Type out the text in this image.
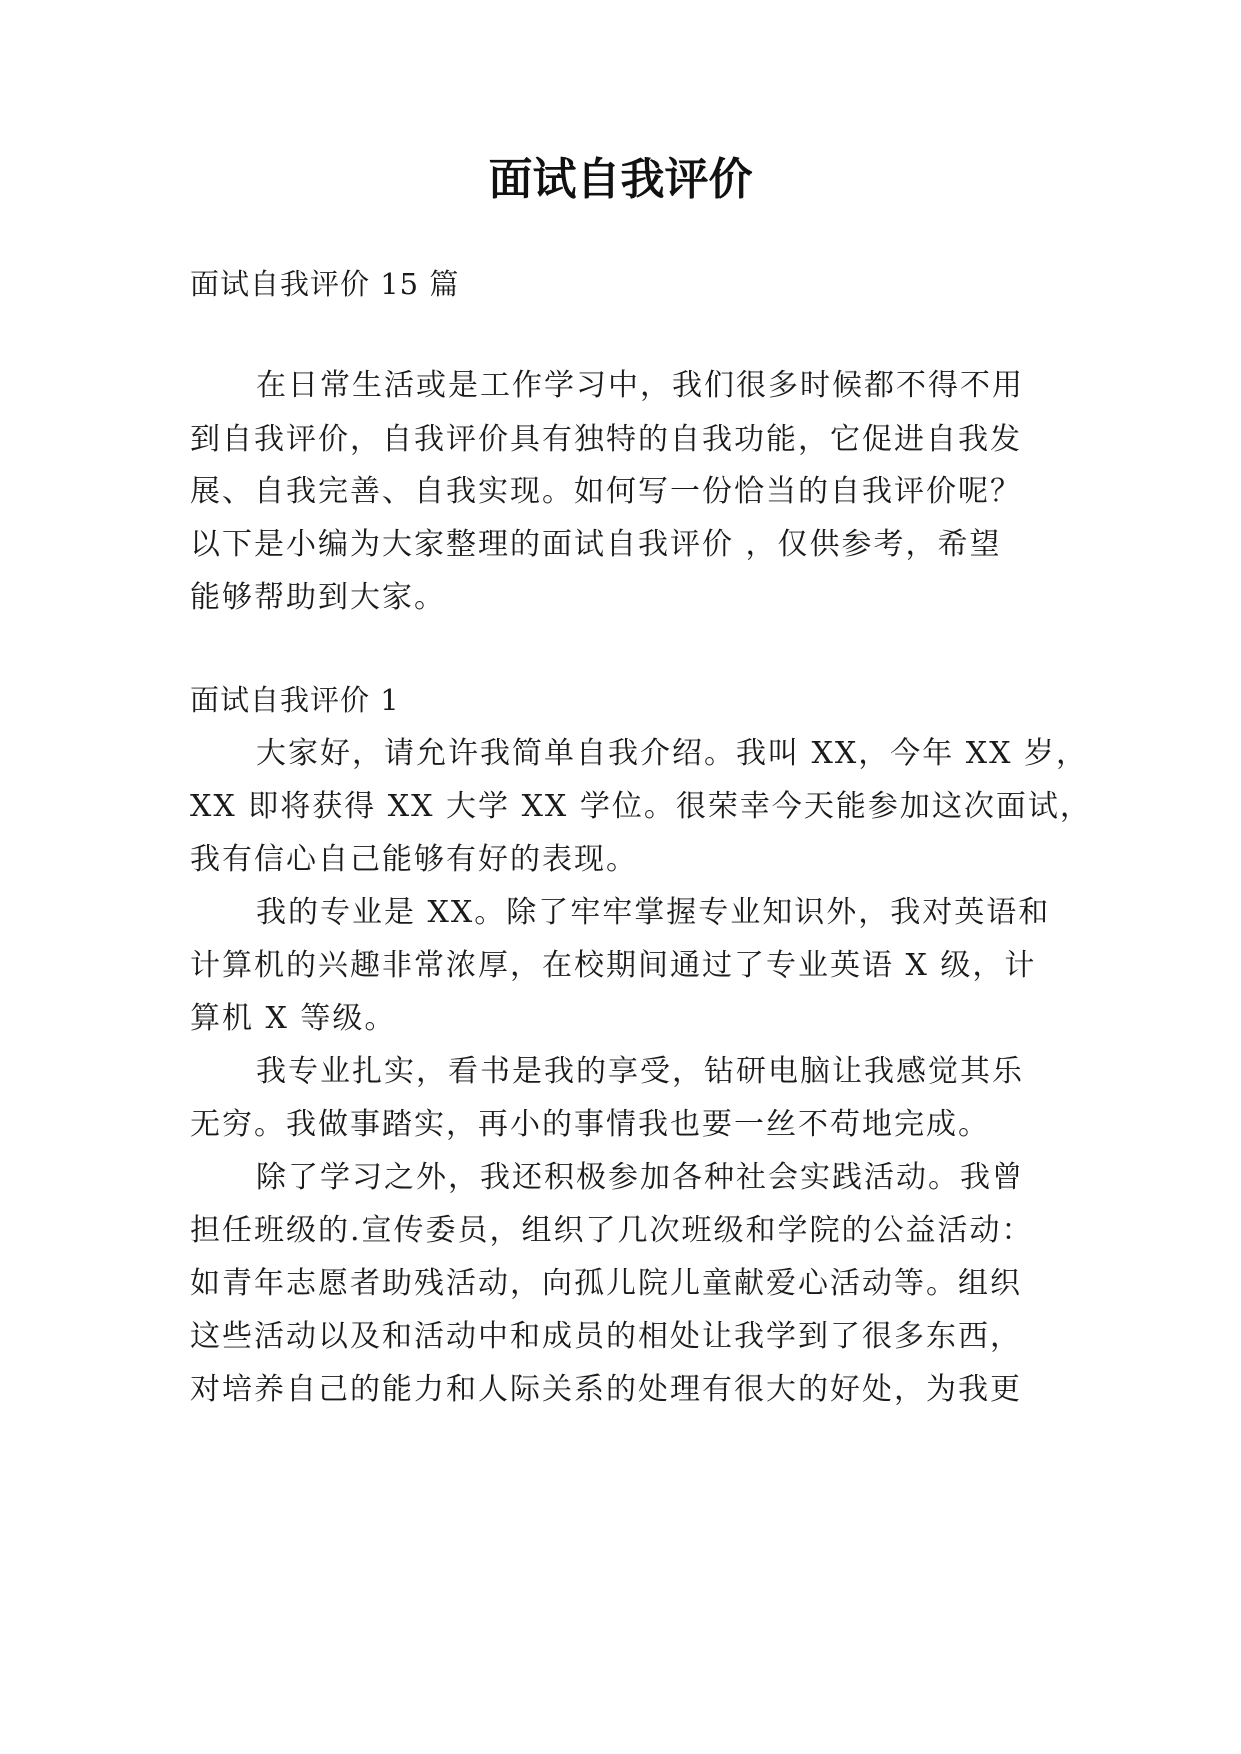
面试自我评价
面试自我评价 15 篇
在日常生活或是工作学习中，我们很多时候都不得不用
到自我评价，自我评价具有独特的自我功能，它促进自我发
展、自我完善、自我实现。如何写一份恰当的自我评价呢？
以下是小编为大家整理的面试自我评价 ，仅供参考，希望
能够帮助到大家。
面试自我评价 1
大家好，请允许我简单自我介绍。我叫 XX，今年 XX 岁，
XX 即将获得 XX 大学 XX 学位。很荣幸今天能参加这次面试，
我有信心自己能够有好的表现。
我的专业是 XX。除了牢牢掌握专业知识外，我对英语和
计算机的兴趣非常浓厚，在校期间通过了专业英语 X 级，计
算机 X 等级。
我专业扎实，看书是我的享受，钻研电脑让我感觉其乐
无穷。我做事踏实，再小的事情我也要一丝不苟地完成。
除了学习之外，我还积极参加各种社会实践活动。我曾
担任班级的.宣传委员，组织了几次班级和学院的公益活动：
如青年志愿者助残活动，向孤儿院儿童献爱心活动等。组织
这些活动以及和活动中和成员的相处让我学到了很多东西，
对培养自己的能力和人际关系的处理有很大的好处，为我更
